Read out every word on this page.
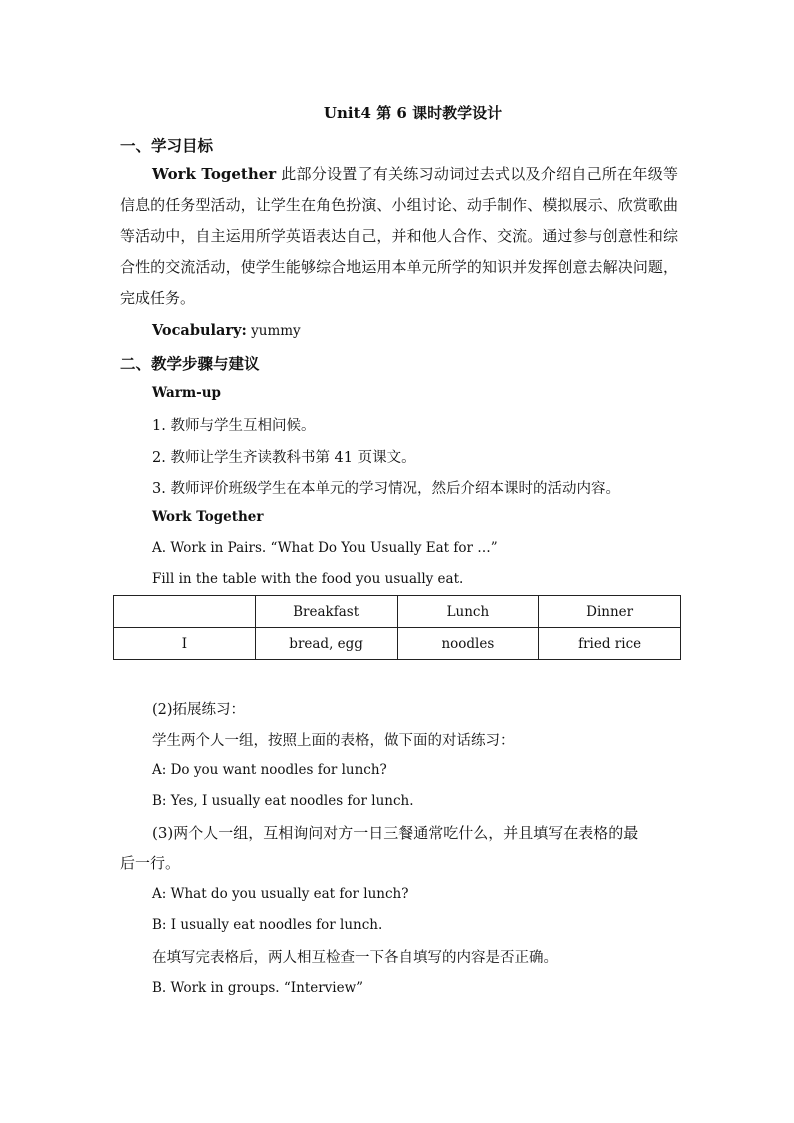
Unit4 第 6 课时教学设计
一、学习目标
Work Together 此部分设置了有关练习动词过去式以及介绍自己所在年级等信息的任务型活动，让学生在角色扮演、小组讨论、动手制作、模拟展示、欣赏歌曲等活动中，自主运用所学英语表达自己，并和他人合作、交流。通过参与创意性和综合性的交流活动，使学生能够综合地运用本单元所学的知识并发挥创意去解决问题，完成任务。
Vocabulary: yummy
二、教学步骤与建议
Warm-up
1. 教师与学生互相问候。
2. 教师让学生齐读教科书第 41 页课文。
3. 教师评价班级学生在本单元的学习情况，然后介绍本课时的活动内容。
Work Together
A. Work in Pairs. “What Do You Usually Eat for …”
Fill in the table with the food you usually eat.
	Breakfast	Lunch	Dinner
I	bread, egg	noodles	fried rice
(2)拓展练习：
学生两个人一组，按照上面的表格，做下面的对话练习：
A: Do you want noodles for lunch?
B: Yes, I usually eat noodles for lunch.
(3)两个人一组，互相询问对方一日三餐通常吃什么，并且填写在表格的最
后一行。
A: What do you usually eat for lunch?
B: I usually eat noodles for lunch.
在填写完表格后，两人相互检查一下各自填写的内容是否正确。
B. Work in groups. “Interview”
